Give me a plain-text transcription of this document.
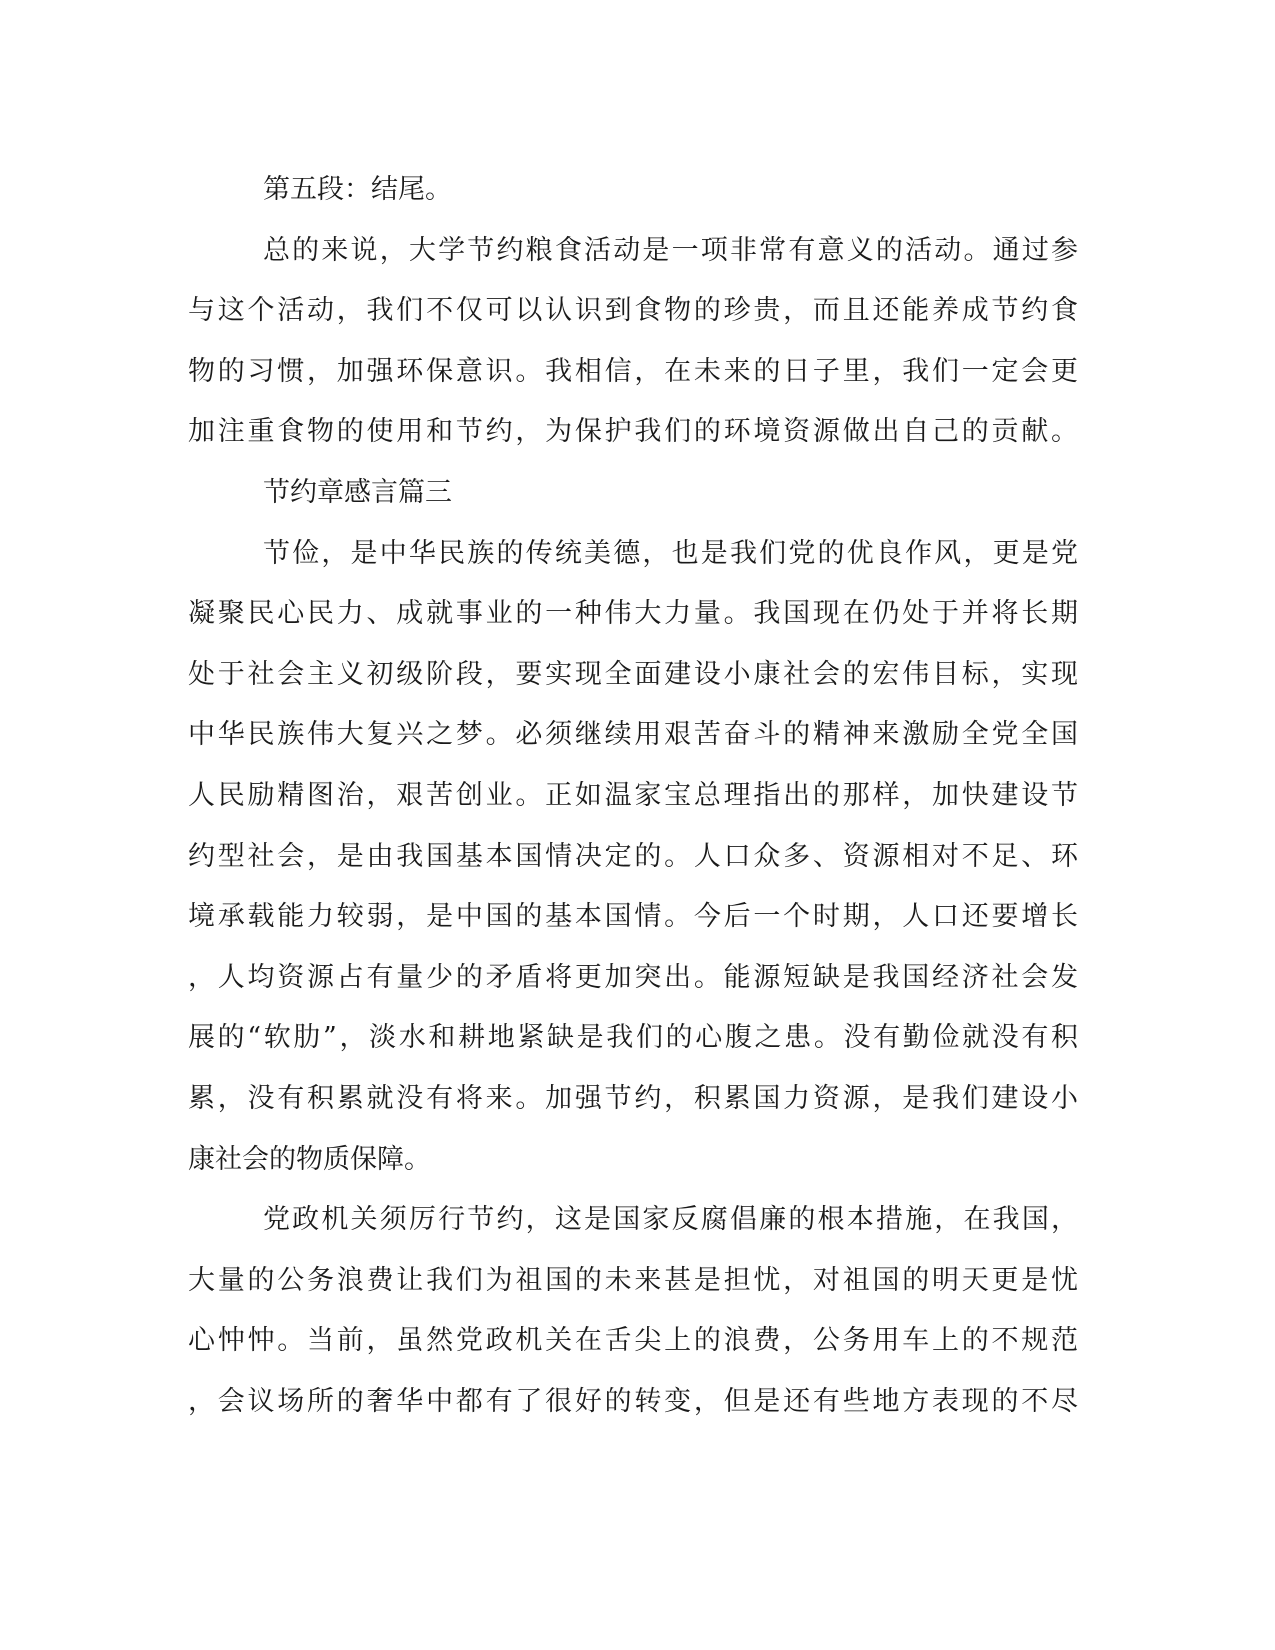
第五段：结尾。
总的来说，大学节约粮食活动是一项非常有意义的活动。通过参
与这个活动，我们不仅可以认识到食物的珍贵，而且还能养成节约食
物的习惯，加强环保意识。我相信，在未来的日子里，我们一定会更
加注重食物的使用和节约，为保护我们的环境资源做出自己的贡献。
节约章感言篇三
节俭，是中华民族的传统美德，也是我们党的优良作风，更是党
凝聚民心民力、成就事业的一种伟大力量。我国现在仍处于并将长期
处于社会主义初级阶段，要实现全面建设小康社会的宏伟目标，实现
中华民族伟大复兴之梦。必须继续用艰苦奋斗的精神来激励全党全国
人民励精图治，艰苦创业。正如温家宝总理指出的那样，加快建设节
约型社会，是由我国基本国情决定的。人口众多、资源相对不足、环
境承载能力较弱，是中国的基本国情。今后一个时期，人口还要增长
，人均资源占有量少的矛盾将更加突出。能源短缺是我国经济社会发
展的“软肋”，淡水和耕地紧缺是我们的心腹之患。没有勤俭就没有积
累，没有积累就没有将来。加强节约，积累国力资源，是我们建设小
康社会的物质保障。
党政机关须厉行节约，这是国家反腐倡廉的根本措施，在我国，
大量的公务浪费让我们为祖国的未来甚是担忧，对祖国的明天更是忧
心忡忡。当前，虽然党政机关在舌尖上的浪费，公务用车上的不规范
，会议场所的奢华中都有了很好的转变，但是还有些地方表现的不尽
